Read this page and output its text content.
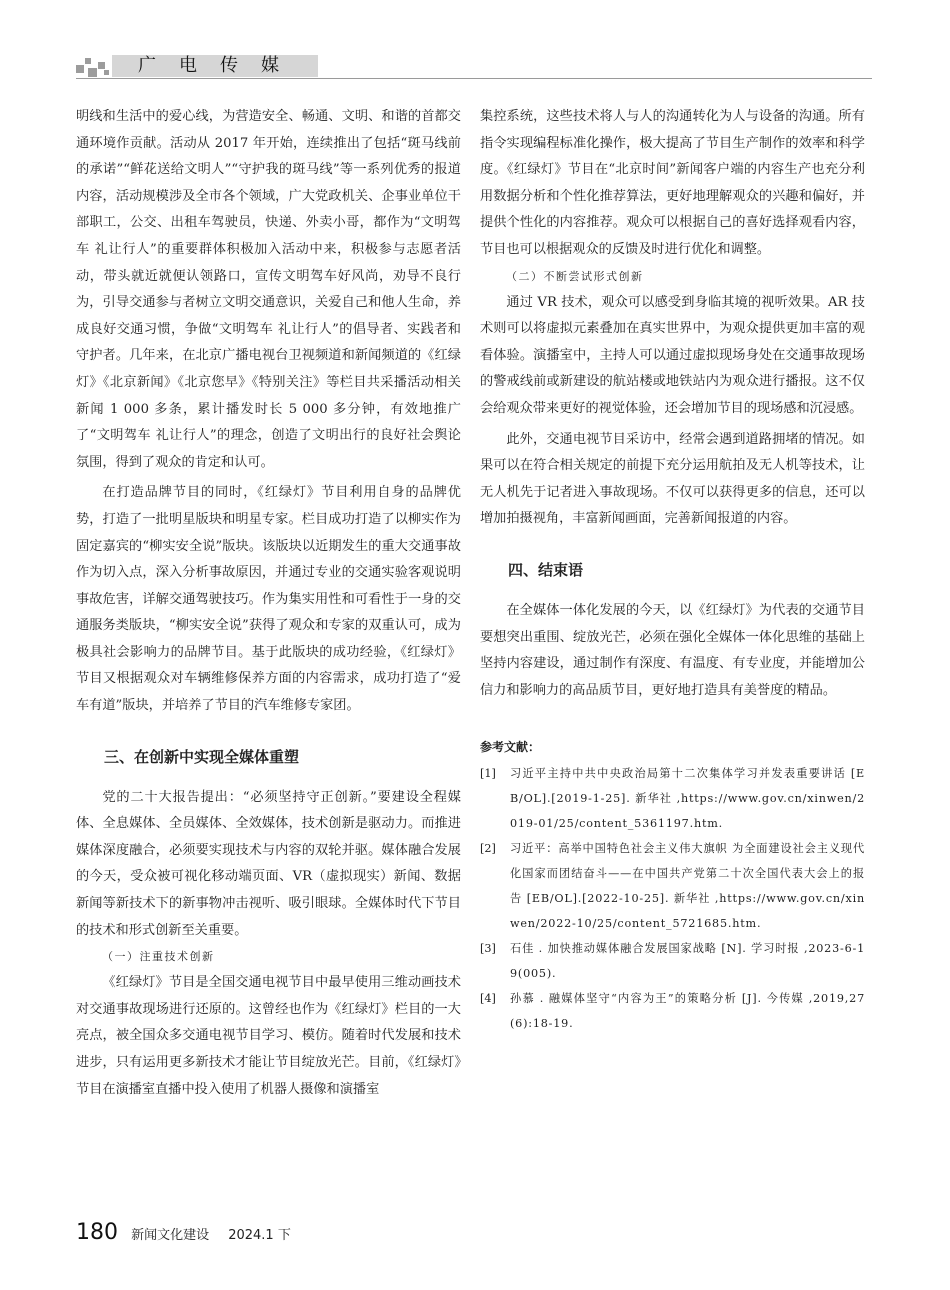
广电传媒

明线和生活中的爱心线，为营造安全、畅通、文明、和谐的首都交通环境作贡献。活动从 2017 年开始，连续推出了包括“斑马线前的承诺”“鲜花送给文明人”“守护我的斑马线”等一系列优秀的报道内容，活动规模涉及全市各个领域，广大党政机关、企事业单位干部职工，公交、出租车驾驶员，快递、外卖小哥，都作为“文明驾车 礼让行人”的重要群体积极加入活动中来，积极参与志愿者活动，带头就近就便认领路口，宣传文明驾车好风尚，劝导不良行为，引导交通参与者树立文明交通意识，关爱自己和他人生命，养成良好交通习惯，争做“文明驾车 礼让行人”的倡导者、实践者和守护者。几年来，在北京广播电视台卫视频道和新闻频道的《红绿灯》《北京新闻》《北京您早》《特别关注》等栏目共采播活动相关新闻 1 000 多条，累计播发时长 5 000 多分钟，有效地推广了“文明驾车 礼让行人”的理念，创造了文明出行的良好社会舆论氛围，得到了观众的肯定和认可。

在打造品牌节目的同时，《红绿灯》节目利用自身的品牌优势，打造了一批明星版块和明星专家。栏目成功打造了以柳实作为固定嘉宾的“柳实安全说”版块。该版块以近期发生的重大交通事故作为切入点，深入分析事故原因，并通过专业的交通实验客观说明事故危害，详解交通驾驶技巧。作为集实用性和可看性于一身的交通服务类版块，“柳实安全说”获得了观众和专家的双重认可，成为极具社会影响力的品牌节目。基于此版块的成功经验，《红绿灯》节目又根据观众对车辆维修保养方面的内容需求，成功打造了“爱车有道”版块，并培养了节目的汽车维修专家团。

三、在创新中实现全媒体重塑

党的二十大报告提出：“必须坚持守正创新。”要建设全程媒体、全息媒体、全员媒体、全效媒体，技术创新是驱动力。而推进媒体深度融合，必须要实现技术与内容的双轮并驱。媒体融合发展的今天，受众被可视化移动端页面、VR（虚拟现实）新闻、数据新闻等新技术下的新事物冲击视听、吸引眼球。全媒体时代下节目的技术和形式创新至关重要。

（一）注重技术创新

《红绿灯》节目是全国交通电视节目中最早使用三维动画技术对交通事故现场进行还原的。这曾经也作为《红绿灯》栏目的一大亮点，被全国众多交通电视节目学习、模仿。随着时代发展和技术进步，只有运用更多新技术才能让节目绽放光芒。目前，《红绿灯》节目在演播室直播中投入使用了机器人摄像和演播室

集控系统，这些技术将人与人的沟通转化为人与设备的沟通。所有指令实现编程标准化操作，极大提高了节目生产制作的效率和科学度。《红绿灯》节目在“北京时间”新闻客户端的内容生产也充分利用数据分析和个性化推荐算法，更好地理解观众的兴趣和偏好，并提供个性化的内容推荐。观众可以根据自己的喜好选择观看内容，节目也可以根据观众的反馈及时进行优化和调整。

（二）不断尝试形式创新

通过 VR 技术，观众可以感受到身临其境的视听效果。AR 技术则可以将虚拟元素叠加在真实世界中，为观众提供更加丰富的观看体验。演播室中，主持人可以通过虚拟现场身处在交通事故现场的警戒线前或新建设的航站楼或地铁站内为观众进行播报。这不仅会给观众带来更好的视觉体验，还会增加节目的现场感和沉浸感。

此外，交通电视节目采访中，经常会遇到道路拥堵的情况。如果可以在符合相关规定的前提下充分运用航拍及无人机等技术，让无人机先于记者进入事故现场。不仅可以获得更多的信息，还可以增加拍摄视角，丰富新闻画面，完善新闻报道的内容。

四、结束语

在全媒体一体化发展的今天，以《红绿灯》为代表的交通节目要想突出重围、绽放光芒，必须在强化全媒体一体化思维的基础上坚持内容建设，通过制作有深度、有温度、有专业度，并能增加公信力和影响力的高品质节目，更好地打造具有美誉度的精品。

参考文献：

[1] 习近平主持中共中央政治局第十二次集体学习并发表重要讲话 [EB/OL].[2019-1-25]. 新华社 ,https://www.gov.cn/xinwen/2019-01/25/content_5361197.htm.
[2] 习近平：高举中国特色社会主义伟大旗帜 为全面建设社会主义现代化国家而团结奋斗——在中国共产党第二十次全国代表大会上的报告 [EB/OL].[2022-10-25]. 新华社 ,https://www.gov.cn/xinwen/2022-10/25/content_5721685.htm.
[3] 石佳 . 加快推动媒体融合发展国家战略 [N]. 学习时报 ,2023-6-19(005).
[4] 孙慕 . 融媒体坚守“内容为王”的策略分析 [J]. 今传媒 ,2019,27(6):18-19.
180 新闻文化建设 2024.1 下
